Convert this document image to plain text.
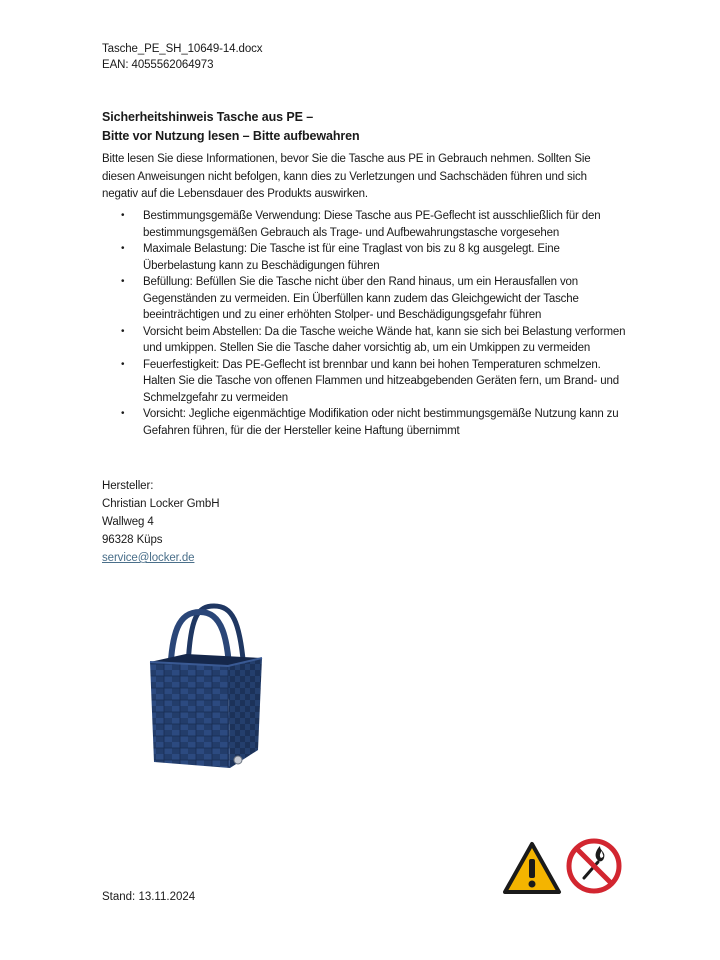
Tasche_PE_SH_10649-14.docx
EAN: 4055562064973
Sicherheitshinweis Tasche aus PE –
Bitte vor Nutzung lesen – Bitte aufbewahren
Bitte lesen Sie diese Informationen, bevor Sie die Tasche aus PE in Gebrauch nehmen. Sollten Sie diesen Anweisungen nicht befolgen, kann dies zu Verletzungen und Sachschäden führen und sich negativ auf die Lebensdauer des Produkts auswirken.
• Bestimmungsgemäße Verwendung: Diese Tasche aus PE-Geflecht ist ausschließlich für den bestimmungsgemäßen Gebrauch als Trage- und Aufbewahrungstasche vorgesehen
• Maximale Belastung: Die Tasche ist für eine Traglast von bis zu 8 kg ausgelegt. Eine Überbelastung kann zu Beschädigungen führen
• Befüllung: Befüllen Sie die Tasche nicht über den Rand hinaus, um ein Herausfallen von Gegenständen zu vermeiden. Ein Überfüllen kann zudem das Gleichgewicht der Tasche beeinträchtigen und zu einer erhöhten Stolper- und Beschädigungsgefahr führen
• Vorsicht beim Abstellen: Da die Tasche weiche Wände hat, kann sie sich bei Belastung verformen und umkippen. Stellen Sie die Tasche daher vorsichtig ab, um ein Umkippen zu vermeiden
• Feuerfestigkeit: Das PE-Geflecht ist brennbar und kann bei hohen Temperaturen schmelzen. Halten Sie die Tasche von offenen Flammen und hitzeabgebenden Geräten fern, um Brand- und Schmelzgefahr zu vermeiden
• Vorsicht: Jegliche eigenmächtige Modifikation oder nicht bestimmungsgemäße Nutzung kann zu Gefahren führen, für die der Hersteller keine Haftung übernimmt
Hersteller:
Christian Locker GmbH
Wallweg 4
96328 Küps
service@locker.de
Stand: 13.11.2024
